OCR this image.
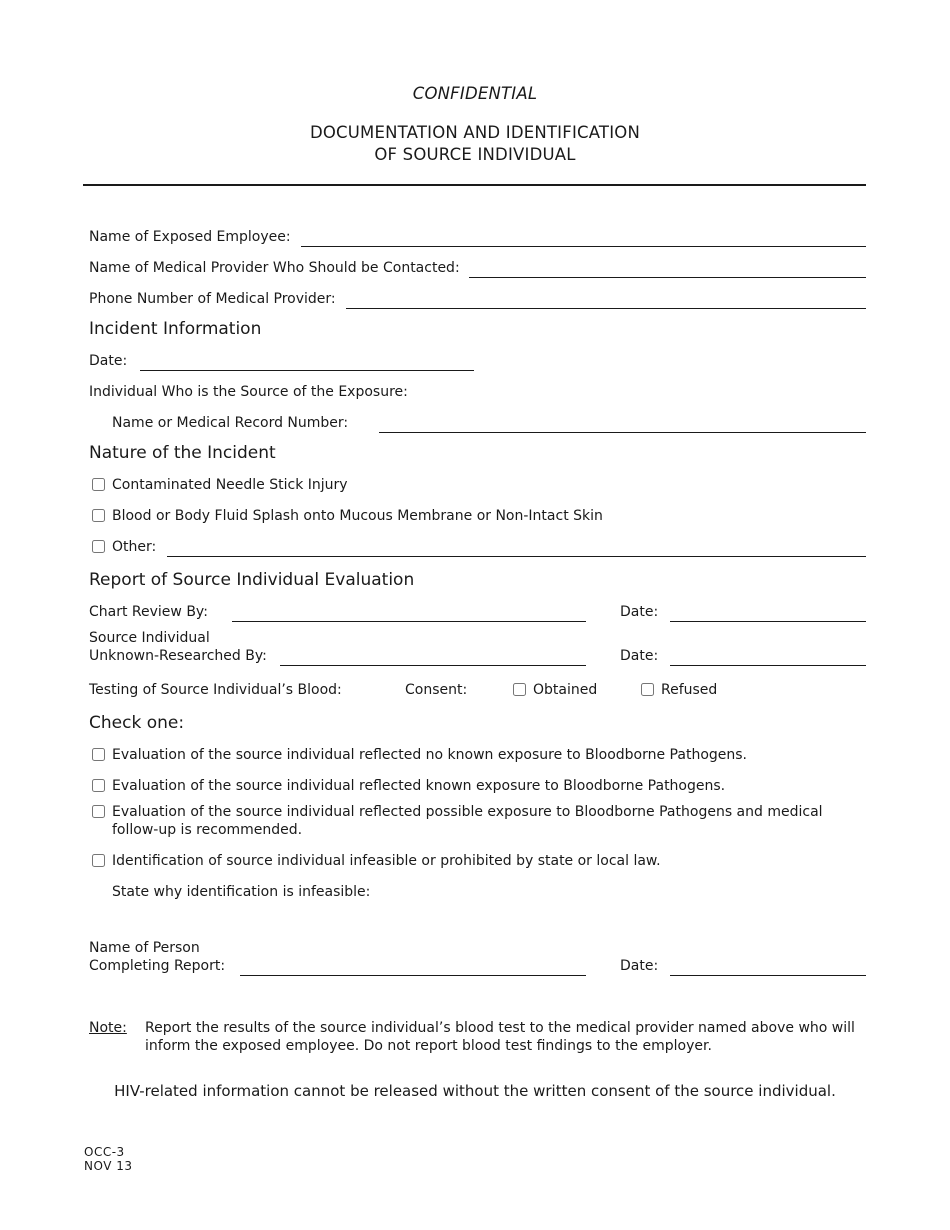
CONFIDENTIAL
DOCUMENTATION AND IDENTIFICATION
OF SOURCE INDIVIDUAL
Name of Exposed Employee:
Name of Medical Provider Who Should be Contacted:
Phone Number of Medical Provider:
Incident Information
Date:
Individual Who is the Source of the Exposure:
Name or Medical Record Number:
Nature of the Incident
Contaminated Needle Stick Injury
Blood or Body Fluid Splash onto Mucous Membrane or Non-Intact Skin
Other:
Report of Source Individual Evaluation
Chart Review By:	Date:
Source Individual
Unknown-Researched By:	Date:
Testing of Source Individual’s Blood:	Consent:	Obtained	Refused
Check one:
Evaluation of the source individual reflected no known exposure to Bloodborne Pathogens.
Evaluation of the source individual reflected known exposure to Bloodborne Pathogens.
Evaluation of the source individual reflected possible exposure to Bloodborne Pathogens and medical
follow-up is recommended.
Identification of source individual infeasible or prohibited by state or local law.
State why identification is infeasible:
Name of Person
Completing Report:	Date:
Note: Report the results of the source individual’s blood test to the medical provider named above who will
inform the exposed employee. Do not report blood test findings to the employer.
HIV-related information cannot be released without the written consent of the source individual.
OCC-3
NOV 13
